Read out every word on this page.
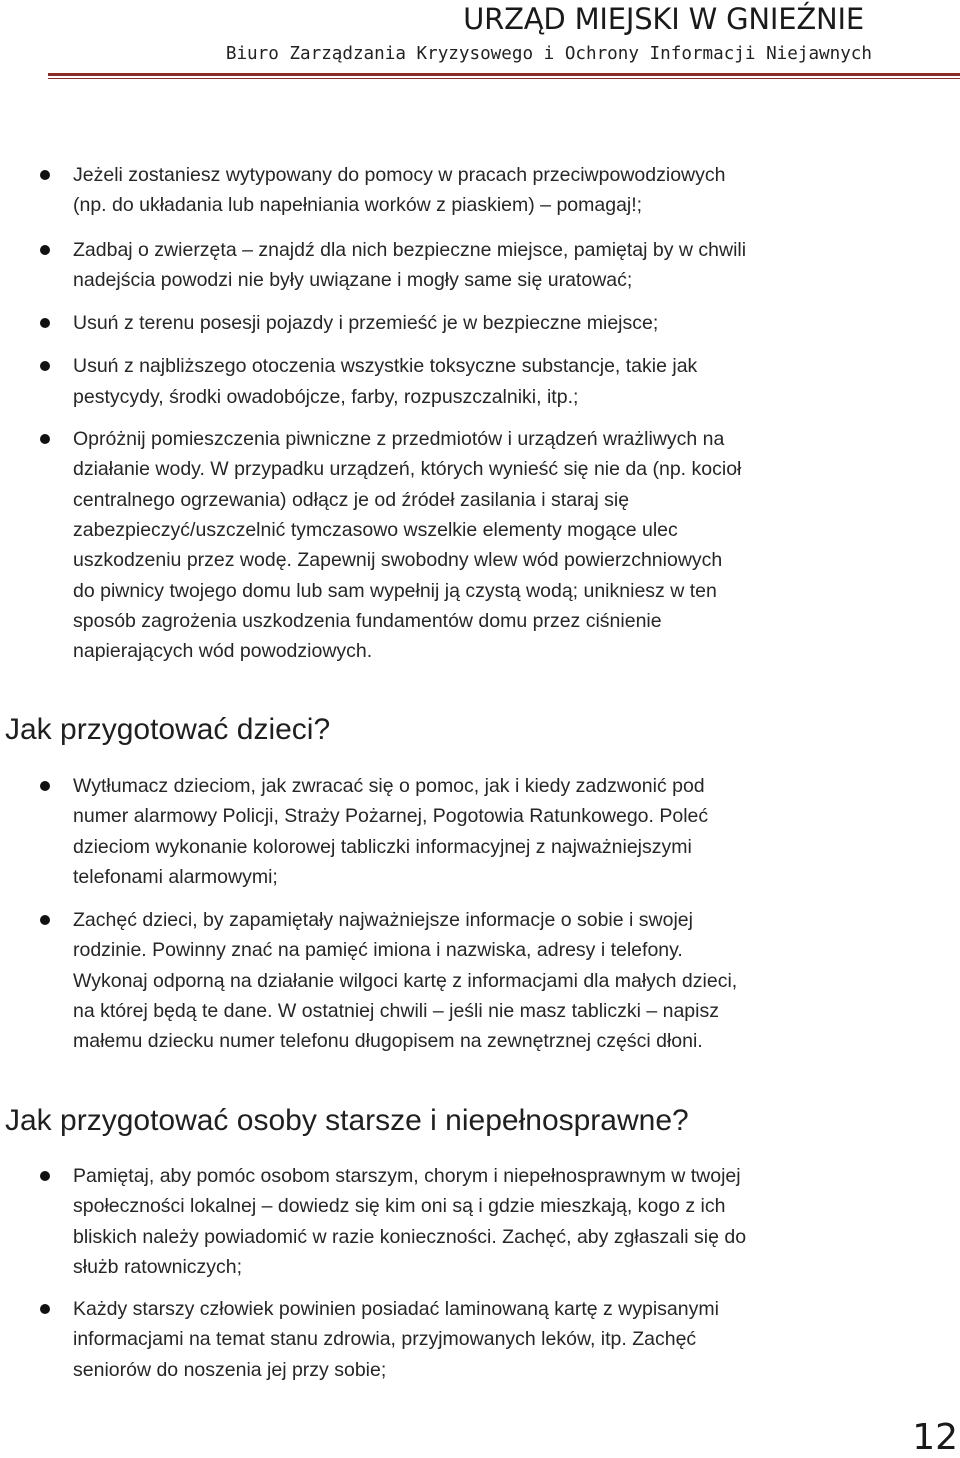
URZĄD MIEJSKI W GNIEŹNIE
Biuro Zarządzania Kryzysowego i Ochrony Informacji Niejawnych
Jeżeli zostaniesz wytypowany do pomocy w pracach przeciwpowodziowych
(np. do układania lub napełniania worków z piaskiem) – pomagaj!;
Zadbaj o zwierzęta – znajdź dla nich bezpieczne miejsce, pamiętaj by w chwili
nadejścia powodzi nie były uwiązane i mogły same się uratować;
Usuń z terenu posesji pojazdy i przemieść je w bezpieczne miejsce;
Usuń z najbliższego otoczenia wszystkie toksyczne substancje, takie jak
pestycydy, środki owadobójcze, farby, rozpuszczalniki, itp.;
Opróżnij pomieszczenia piwniczne z przedmiotów i urządzeń wrażliwych na
działanie wody. W przypadku urządzeń, których wynieść się nie da (np. kocioł
centralnego ogrzewania) odłącz je od źródeł zasilania i staraj się
zabezpieczyć/uszczelnić tymczasowo wszelkie elementy mogące ulec
uszkodzeniu przez wodę. Zapewnij swobodny wlew wód powierzchniowych
do piwnicy twojego domu lub sam wypełnij ją czystą wodą; unikniesz w ten
sposób zagrożenia uszkodzenia fundamentów domu przez ciśnienie
napierających wód powodziowych.
Jak przygotować dzieci?
Wytłumacz dzieciom, jak zwracać się o pomoc, jak i kiedy zadzwonić pod
numer alarmowy Policji, Straży Pożarnej, Pogotowia Ratunkowego. Poleć
dzieciom wykonanie kolorowej tabliczki informacyjnej z najważniejszymi
telefonami alarmowymi;
Zachęć dzieci, by zapamiętały najważniejsze informacje o sobie i swojej
rodzinie. Powinny znać na pamięć imiona i nazwiska, adresy i telefony.
Wykonaj odporną na działanie wilgoci kartę z informacjami dla małych dzieci,
na której będą te dane. W ostatniej chwili – jeśli nie masz tabliczki – napisz
małemu dziecku numer telefonu długopisem na zewnętrznej części dłoni.
Jak przygotować osoby starsze i niepełnosprawne?
Pamiętaj, aby pomóc osobom starszym, chorym i niepełnosprawnym w twojej
społeczności lokalnej – dowiedz się kim oni są i gdzie mieszkają, kogo z ich
bliskich należy powiadomić w razie konieczności. Zachęć, aby zgłaszali się do
służb ratowniczych;
Każdy starszy człowiek powinien posiadać laminowaną kartę z wypisanymi
informacjami na temat stanu zdrowia, przyjmowanych leków, itp. Zachęć
seniorów do noszenia jej przy sobie;
12
